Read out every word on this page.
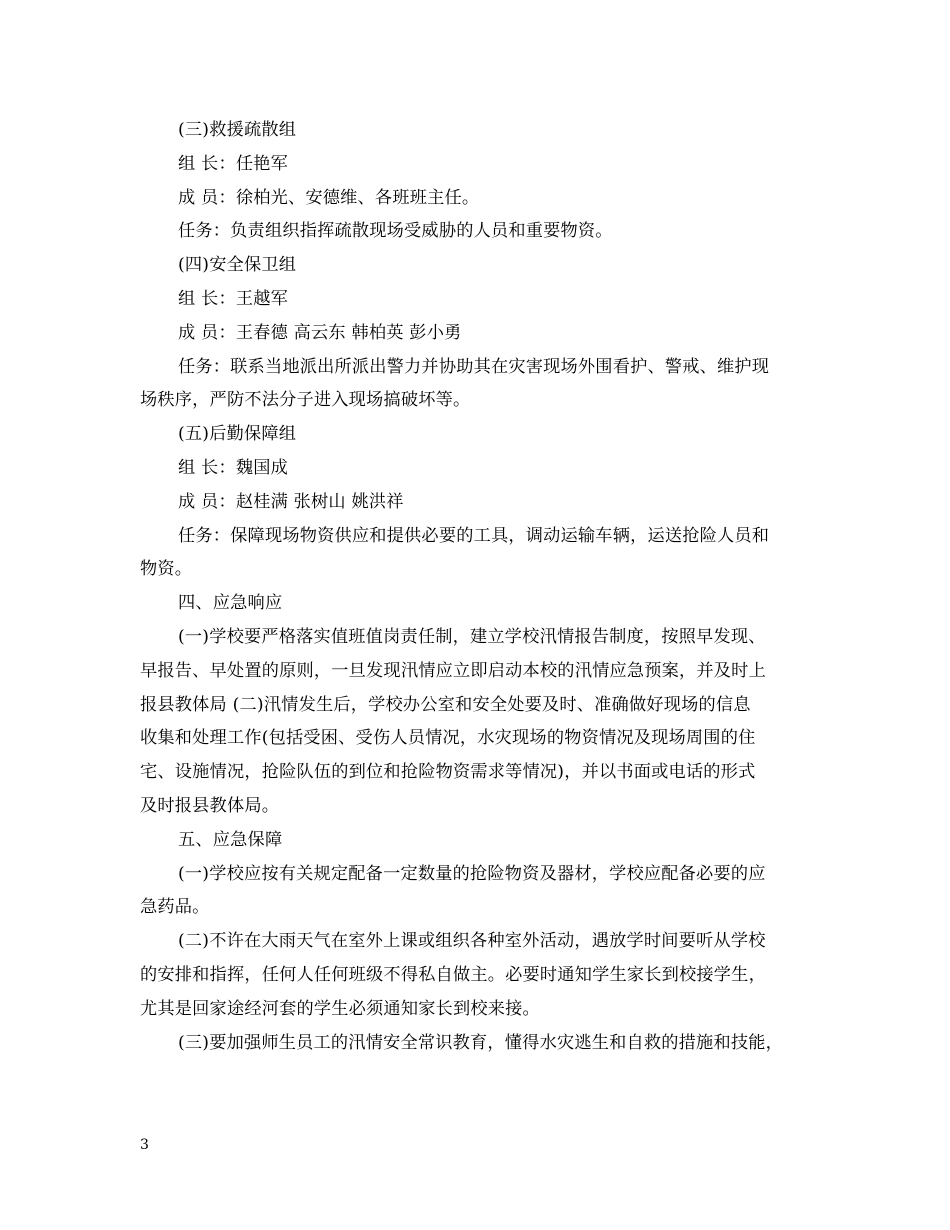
(三)救援疏散组
组 长：任艳军
成 员：徐柏光、安德维、各班班主任。
任务：负责组织指挥疏散现场受威胁的人员和重要物资。
(四)安全保卫组
组 长：王越军
成 员：王春德 高云东 韩柏英 彭小勇
任务：联系当地派出所派出警力并协助其在灾害现场外围看护、警戒、维护现
场秩序，严防不法分子进入现场搞破坏等。
(五)后勤保障组
组 长：魏国成
成 员：赵桂满 张树山 姚洪祥
任务：保障现场物资供应和提供必要的工具，调动运输车辆，运送抢险人员和
物资。
四、应急响应
(一)学校要严格落实值班值岗责任制，建立学校汛情报告制度，按照早发现、
早报告、早处置的原则，一旦发现汛情应立即启动本校的汛情应急预案，并及时上
报县教体局 (二)汛情发生后，学校办公室和安全处要及时、准确做好现场的信息
收集和处理工作(包括受困、受伤人员情况，水灾现场的物资情况及现场周围的住
宅、设施情况，抢险队伍的到位和抢险物资需求等情况)，并以书面或电话的形式
及时报县教体局。
五、应急保障
(一)学校应按有关规定配备一定数量的抢险物资及器材，学校应配备必要的应
急药品。
(二)不许在大雨天气在室外上课或组织各种室外活动，遇放学时间要听从学校
的安排和指挥，任何人任何班级不得私自做主。必要时通知学生家长到校接学生，
尤其是回家途经河套的学生必须通知家长到校来接。
(三)要加强师生员工的汛情安全常识教育，懂得水灾逃生和自救的措施和技能，
3
